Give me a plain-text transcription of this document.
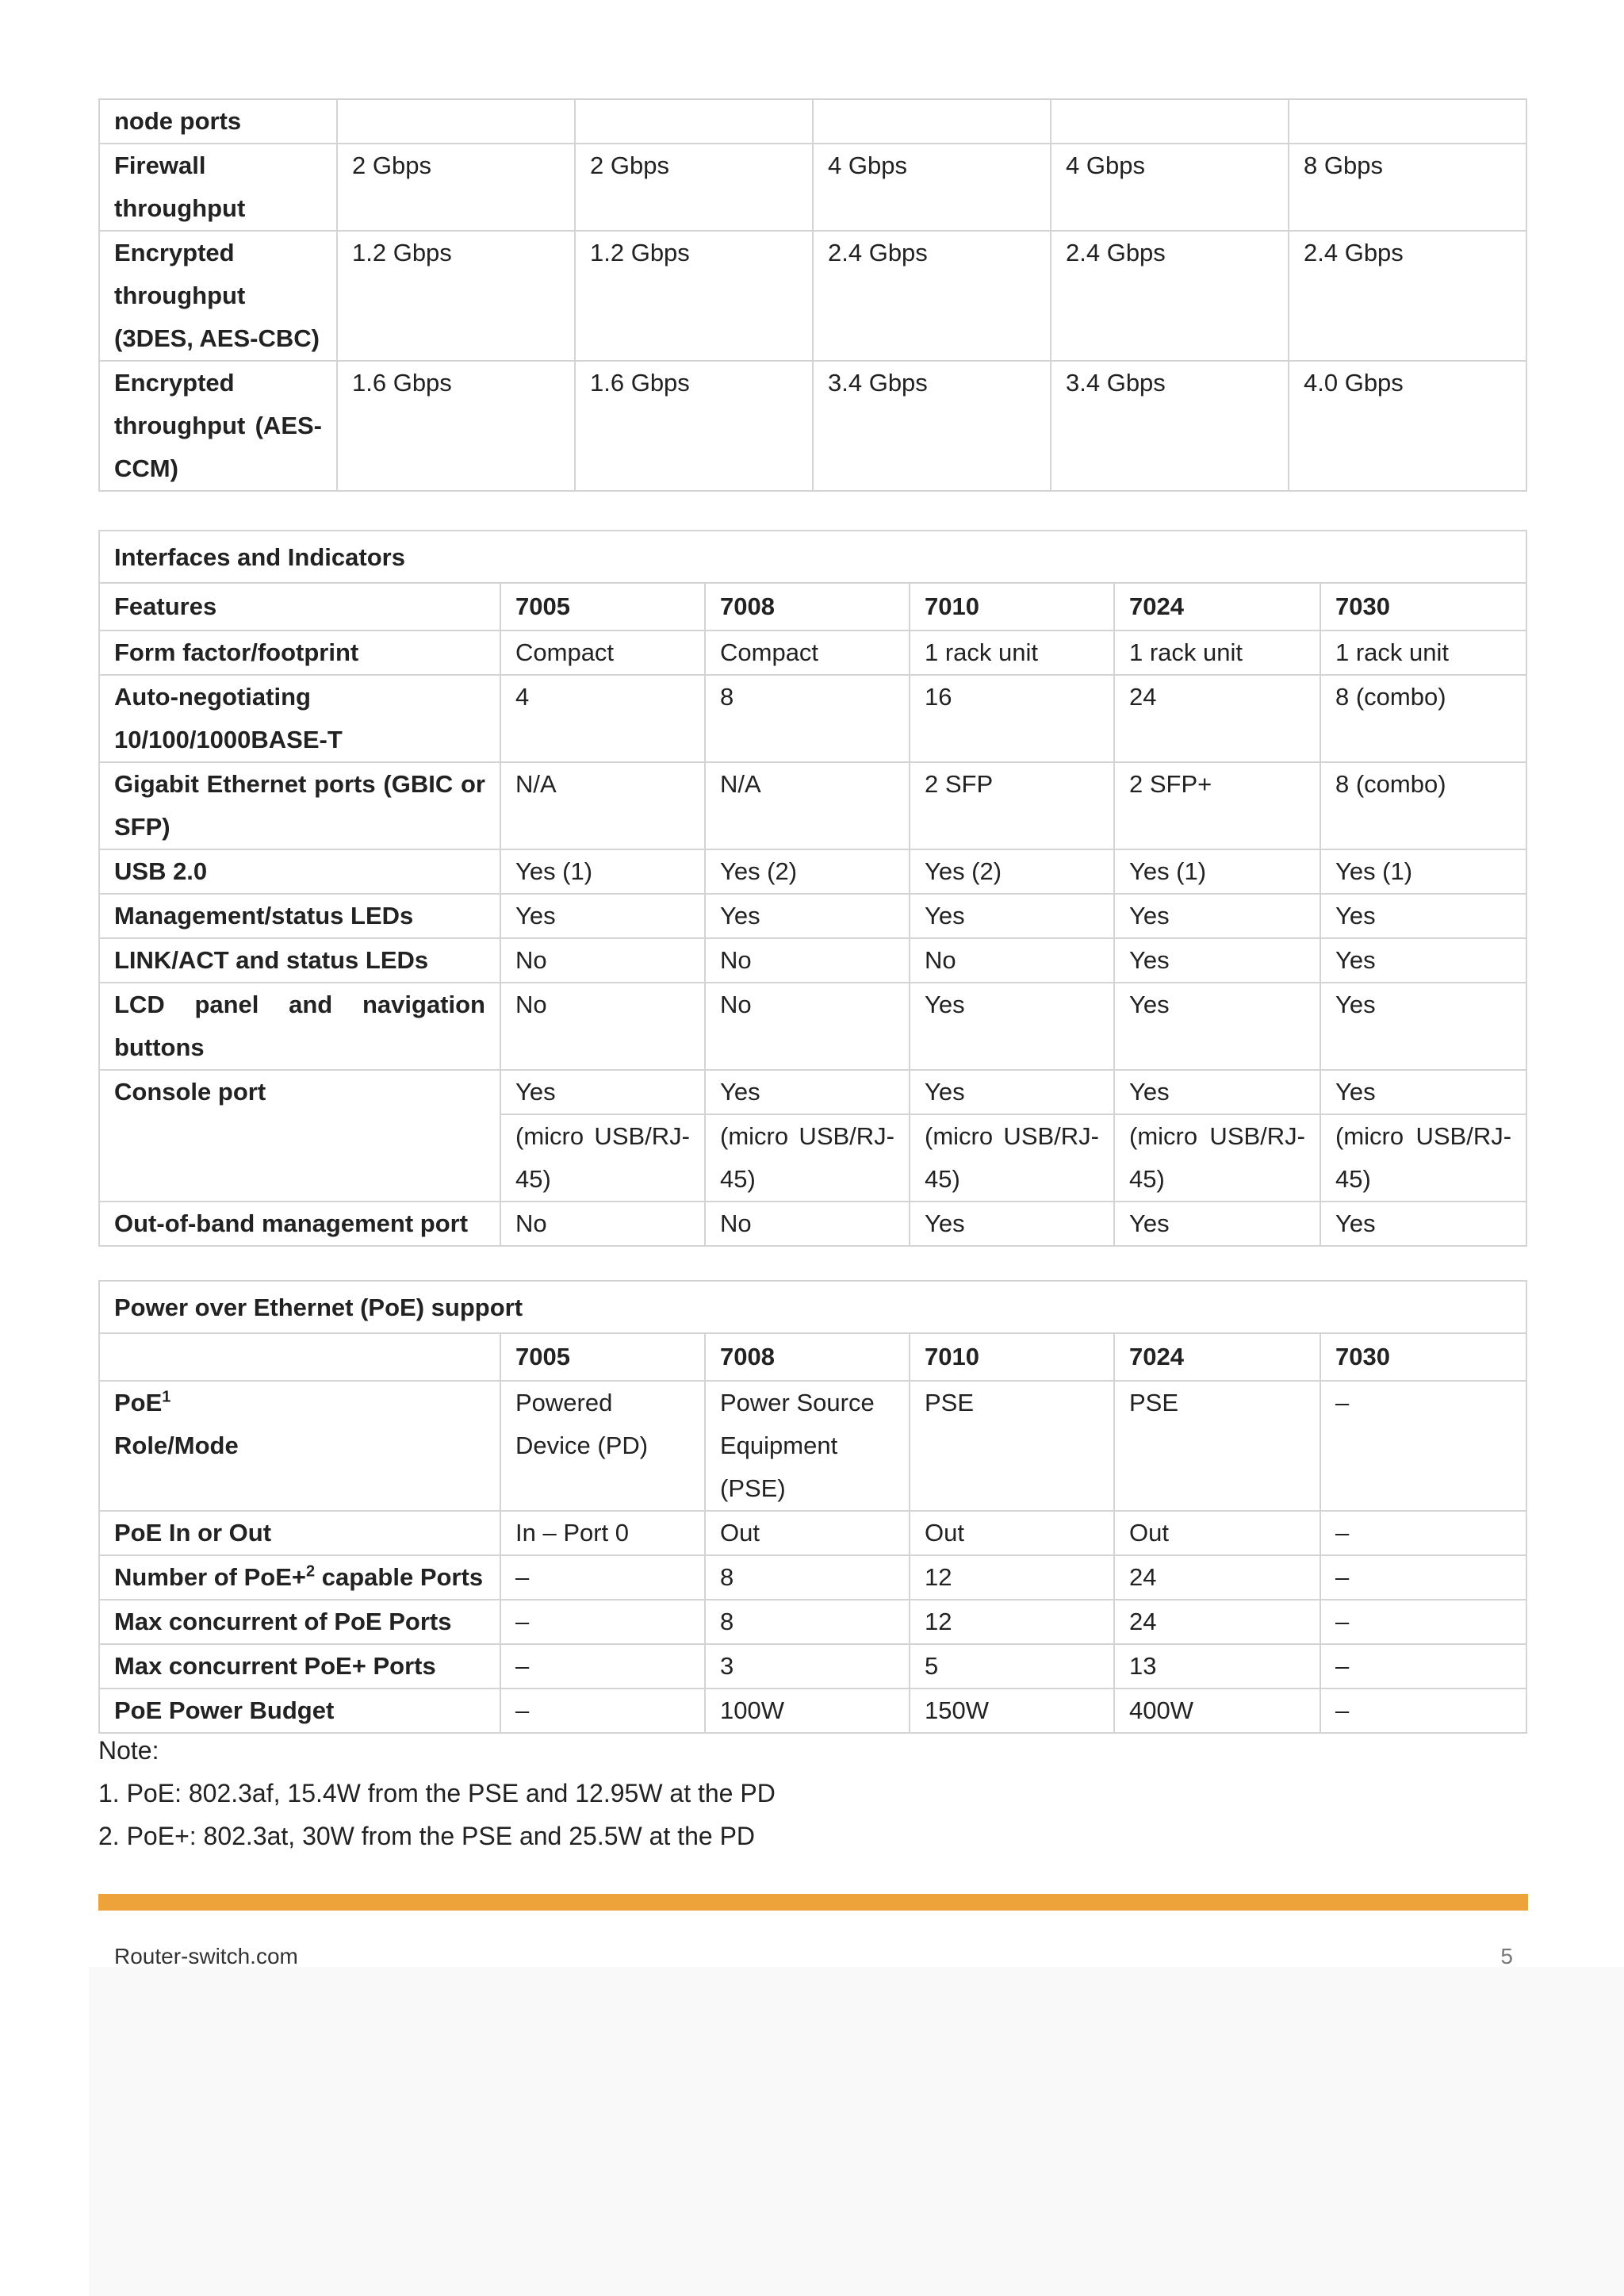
node ports					
Firewall throughput	2 Gbps	2 Gbps	4 Gbps	4 Gbps	8 Gbps
Encrypted throughput (3DES, AES-CBC)	1.2 Gbps	1.2 Gbps	2.4 Gbps	2.4 Gbps	2.4 Gbps
Encrypted throughput (AES-CCM)	1.6 Gbps	1.6 Gbps	3.4 Gbps	3.4 Gbps	4.0 Gbps
Interfaces and Indicators					
Features	7005	7008	7010	7024	7030
Form factor/footprint	Compact	Compact	1 rack unit	1 rack unit	1 rack unit

Auto-negotiating 10/100/1000BASE-T	4	8	16	24	8 (combo)
Gigabit Ethernet ports (GBIC or SFP)	N/A	N/A	2 SFP	2 SFP+	8 (combo)
USB 2.0	Yes (1)	Yes (2)	Yes (2)	Yes (1)	Yes (1)
Management/status LEDs	Yes	Yes	Yes	Yes	Yes
LINK/ACT and status LEDs	No	No	No	Yes	Yes
LCD panel and navigation buttons	No	No	Yes	Yes	Yes
Console port	Yes	Yes	Yes	Yes	Yes
	(micro USB/RJ-45)	(micro USB/RJ-45)	(micro USB/RJ-45)	(micro USB/RJ-45)	(micro USB/RJ-45)
Out-of-band management port	No	No	Yes	Yes	Yes
Power over Ethernet (PoE) support					
	7005	7008	7010	7024	7030
PoE$^1$
Role/Mode	Powered Device (PD)	Power Source Equipment (PSE)	PSE	PSE	–
PoE In or Out	In – Port 0	Out	Out	Out	–
Number of PoE+$^2$ capable Ports	–	8	12	24	–
Max concurrent of PoE Ports	–	8	12	24	–
Max concurrent PoE+ Ports	–	3	5	13	–
PoE Power Budget	–	100W	150W	400W	–
Note:
1. PoE: 802.3af, 15.4W from the PSE and 12.95W at the PD
2. PoE+: 802.3at, 30W from the PSE and 25.5W at the PD
Router-switch.com	5
